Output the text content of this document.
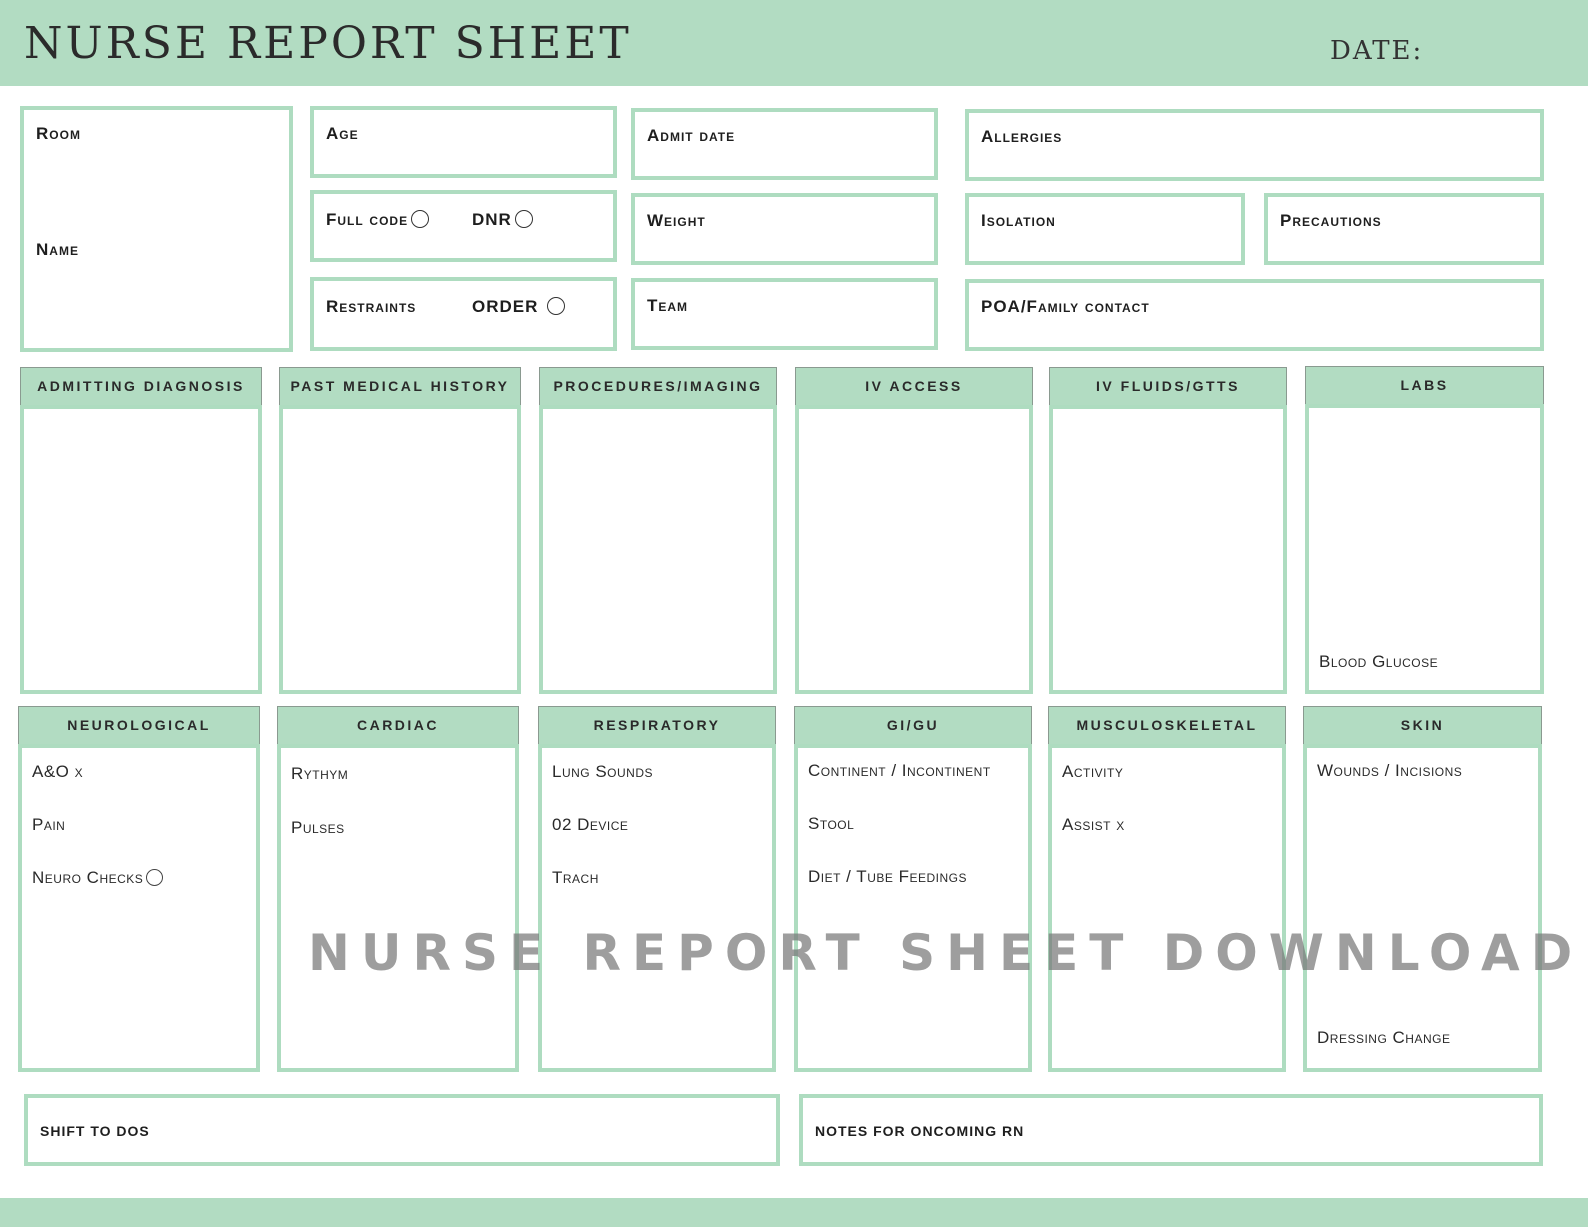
NURSE REPORT SHEET	DATE:
Room
Name
Age
Full code	DNR
Restraints	ORDER
Admit date
Weight
Team
Allergies
Isolation	Precautions
POA/Family contact
ADMITTING DIAGNOSIS	PAST MEDICAL HISTORY	PROCEDURES/IMAGING	IV ACCESS	IV FLUIDS/GTTS	LABS
Blood Glucose
NEUROLOGICAL
A&O x
Pain
Neuro Checks
CARDIAC
Rythym
Pulses
RESPIRATORY
Lung Sounds
02 Device
Trach
GI/GU
Continent / Incontinent
Stool
Diet / Tube Feedings
MUSCULOSKELETAL
Activity
Assist x
SKIN
Wounds / Incisions
Dressing Change
SHIFT TO DOS	NOTES FOR ONCOMING RN
NURSE REPORT SHEET DOWNLOAD
